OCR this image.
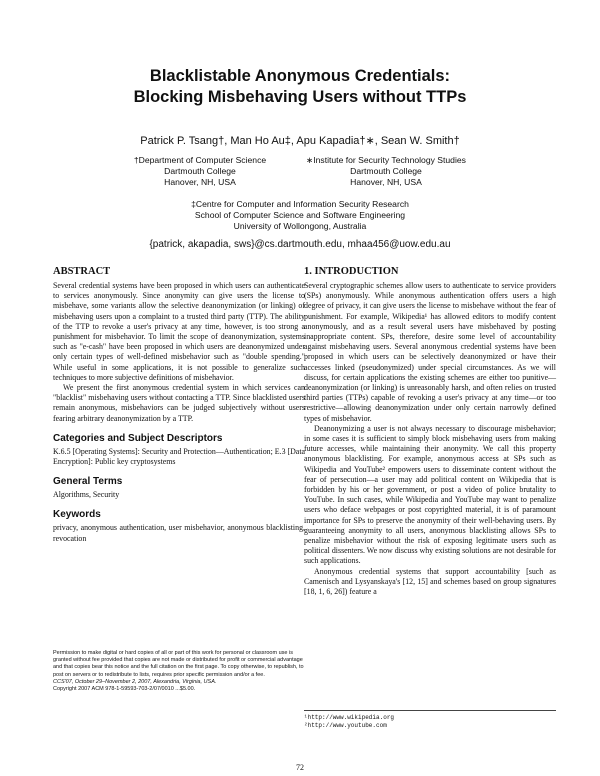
Blacklistable Anonymous Credentials:
Blocking Misbehaving Users without TTPs
Patrick P. Tsang†, Man Ho Au‡, Apu Kapadia†∗, Sean W. Smith†
†Department of Computer Science
Dartmouth College
Hanover, NH, USA
∗Institute for Security Technology Studies
Dartmouth College
Hanover, NH, USA
‡Centre for Computer and Information Security Research
School of Computer Science and Software Engineering
University of Wollongong, Australia
{patrick, akapadia, sws}@cs.dartmouth.edu, mhaa456@uow.edu.au
ABSTRACT

Several credential systems have been proposed in which users can authenticate to services anonymously. Since anonymity can give users the license to misbehave, some variants allow the selective deanonymization (or linking) of misbehaving users upon a complaint to a trusted third party (TTP). The ability of the TTP to revoke a user's privacy at any time, however, is too strong a punishment for misbehavior. To limit the scope of deanonymization, systems such as "e-cash" have been proposed in which users are deanonymized under only certain types of well-defined misbehavior such as "double spending." While useful in some applications, it is not possible to generalize such techniques to more subjective definitions of misbehavior.

We present the first anonymous credential system in which services can "blacklist" misbehaving users without contacting a TTP. Since blacklisted users remain anonymous, misbehaviors can be judged subjectively without users fearing arbitrary deanonymization by a TTP.

Categories and Subject Descriptors

K.6.5 [Operating Systems]: Security and Protection—Authentication; E.3 [Data Encryption]: Public key cryptosystems

General Terms

Algorithms, Security

Keywords

privacy, anonymous authentication, user misbehavior, anonymous blacklisting, revocation

Permission to make digital or hard copies of all or part of this work for personal or classroom use is granted without fee provided that copies are not made or distributed for profit or commercial advantage and that copies bear this notice and the full citation on the first page. To copy otherwise, to republish, to post on servers or to redistribute to lists, requires prior specific permission and/or a fee.
CCS'07, October 29–November 2, 2007, Alexandria, Virginia, USA.
Copyright 2007 ACM 978-1-59593-703-2/07/0010 ...$5.00.
1. INTRODUCTION

Several cryptographic schemes allow users to authenticate to service providers (SPs) anonymously. While anonymous authentication offers users a high degree of privacy, it can give users the license to misbehave without the fear of punishment. For example, Wikipedia¹ has allowed editors to modify content anonymously, and as a result several users have misbehaved by posting inappropriate content. SPs, therefore, desire some level of accountability against misbehaving users. Several anonymous credential systems have been proposed in which users can be selectively deanonymized or have their accesses linked (pseudonymized) under special circumstances. As we will discuss, for certain applications the existing schemes are either too punitive—deanonymization (or linking) is unreasonably harsh, and often relies on trusted third parties (TTPs) capable of revoking a user's privacy at any time—or too restrictive—allowing deanonymization under only certain narrowly defined types of misbehavior.

Deanonymizing a user is not always necessary to discourage misbehavior; in some cases it is sufficient to simply block misbehaving users from making future accesses, while maintaining their anonymity. We call this property anonymous blacklisting. For example, anonymous access at SPs such as Wikipedia and YouTube² empowers users to disseminate content without the fear of persecution—a user may add political content on Wikipedia that is forbidden by his or her government, or post a video of police brutality to YouTube. In such cases, while Wikipedia and YouTube may want to penalize users who deface webpages or post copyrighted material, it is of paramount importance for SPs to preserve the anonymity of their well-behaving users. By guaranteeing anonymity to all users, anonymous blacklisting allows SPs to penalize misbehavior without the risk of exposing legitimate users such as political dissenters. We now discuss why existing solutions are not desirable for such applications.

Anonymous credential systems that support accountability [such as Camenisch and Lysyanskaya's [12, 15] and schemes based on group signatures [18, 1, 6, 26]) feature a

¹http://www.wikipedia.org
²http://www.youtube.com
72
